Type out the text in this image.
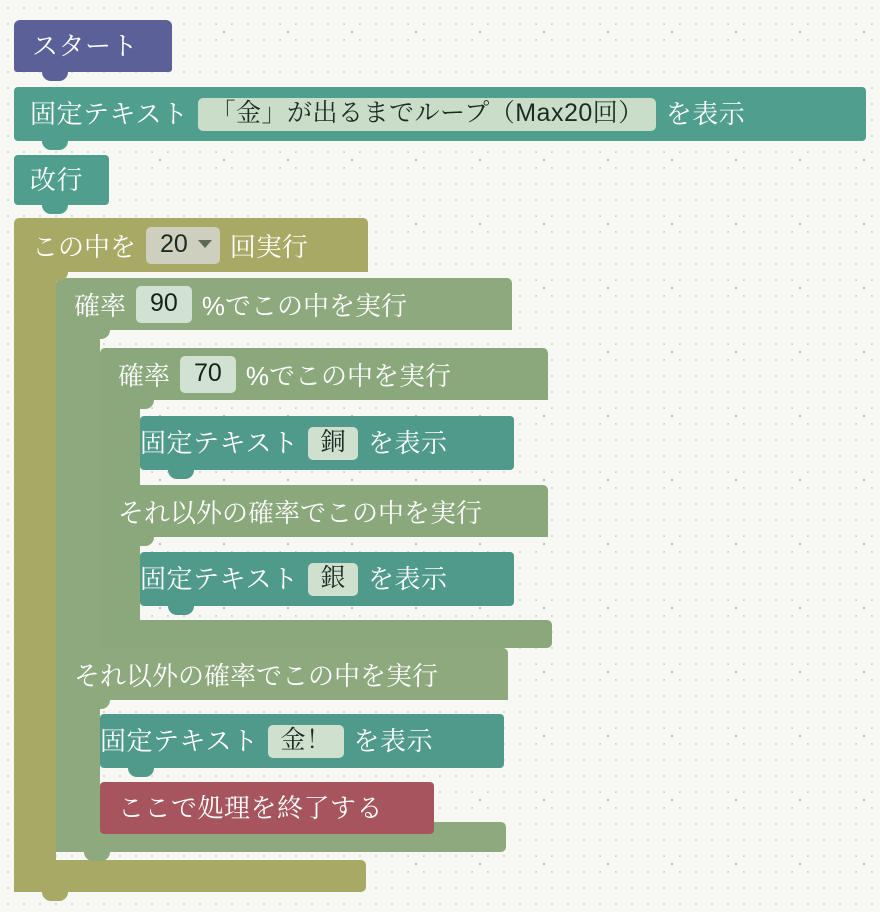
スタート
固定テキスト 「金」が出るまでループ（Max20回） を表示
改行
この中を 20 回実行
確率 90 %でこの中を実行
確率 70 %でこの中を実行
固定テキスト 銅 を表示
それ以外の確率でこの中を実行
固定テキスト 銀 を表示
それ以外の確率でこの中を実行
固定テキスト 金！ を表示
ここで処理を終了する
